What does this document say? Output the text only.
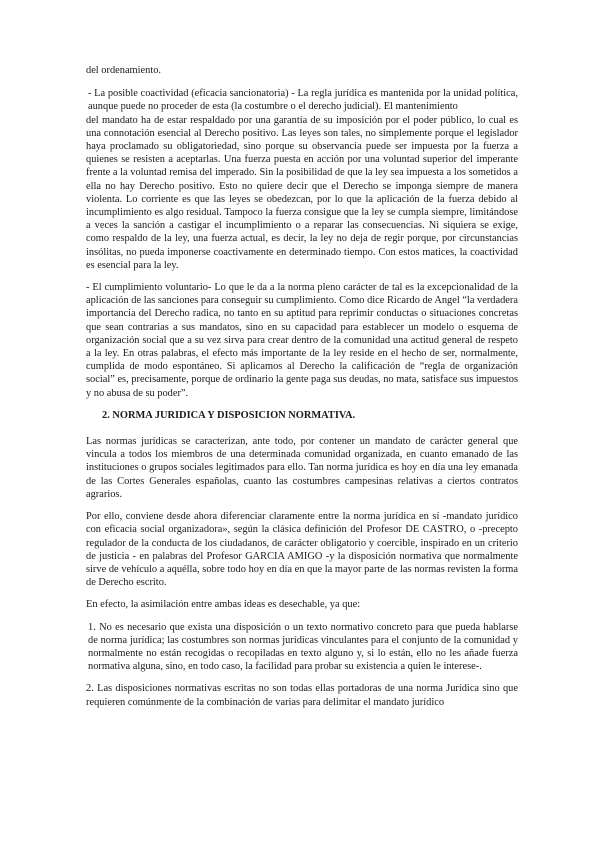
del ordenamiento.

- La posible coactividad (eficacia sancionatoria) - La regla jurídica es mantenida por la unidad política, aunque puede no proceder de esta (la costumbre o el derecho judicial). El mantenimiento

del mandato ha de estar respaldado por una garantía de su imposición por el poder público, lo cual es una connotación esencial al Derecho positivo. Las leyes son tales, no simplemente porque el legislador haya proclamado su obligatoriedad, sino porque su observancia puede ser impuesta por la fuerza a quienes se resisten a aceptarlas. Una fuerza puesta en acción por una voluntad superior del imperante frente a la voluntad remisa del imperado. Sin la posibilidad de que la ley sea impuesta a los sometidos a ella no hay Derecho positivo. Esto no quiere decir que el Derecho se imponga siempre de manera violenta. Lo corriente es que las leyes se obedezcan, por lo que la aplicación de la fuerza debido al incumplimiento es algo residual. Tampoco la fuerza consigue que la ley se cumpla siempre, limitándose a veces la sanción a castigar el incumplimiento o a reparar las consecuencias. Ni siquiera se exige, como respaldo de la ley, una fuerza actual, es decir, la ley no deja de regir porque, por circunstancias insólitas, no pueda imponerse coactivamente en determinado tiempo. Con estos matices, la coactividad es esencial para la ley.

- El cumplimiento voluntario- Lo que le da a la norma pleno carácter de tal es la excepcionalidad de la aplicación de las sanciones para conseguir su cumplimiento. Como dice Ricardo de Angel “la verdadera importancia del Derecho radica, no tanto en su aptitud para reprimir conductas o situaciones concretas que sean contrarias a sus mandatos, sino en su capacidad para establecer un modelo o esquema de organización social que a su vez sirva para crear dentro de la comunidad una actitud general de respeto a la ley. En otras palabras, el efecto más importante de la ley reside en el hecho de ser, normalmente, cumplida de modo espontáneo. Si aplicamos al Derecho la calificación de “regla de organización social” es, precisamente, porque de ordinario la gente paga sus deudas, no mata, satisface sus impuestos y no abusa de su poder”.

2. NORMA JURIDICA Y DISPOSICION NORMATIVA.

Las normas jurídicas se caracterizan, ante todo, por contener un mandato de carácter general que vincula a todos los miembros de una determinada comunidad organizada, en cuanto emanado de las instituciones o grupos sociales legitimados para ello. Tan norma jurídica es hoy en día una ley emanada de las Cortes Generales españolas, cuanto las costumbres campesinas relativas a ciertos contratos agrarios.

Por ello, conviene desde ahora diferenciar claramente entre la norma jurídica en sí -mandato jurídico con eficacia social organizadora», según la clásica definición del Profesor DE CASTRO, o -precepto regulador de la conducta de los ciudadanos, de carácter obligatorio y coercible, inspirado en un criterio de justicia - en palabras del Profesor GARCIA AMIGO -y la disposición normativa que normalmente sirve de vehículo a aquélla, sobre todo hoy en día en que la mayor parte de las normas revisten la forma de Derecho escrito.

En efecto, la asimilación entre ambas ideas es desechable, ya que:

1. No es necesario que exista una disposición o un texto normativo concreto para que pueda hablarse de norma jurídica; las costumbres son normas jurídicas vinculantes para el conjunto de la comunidad y normalmente no están recogidas o recopiladas en texto alguno y, si lo están, ello no les añade fuerza normativa alguna, sino, en todo caso, la facilidad para probar su existencia a quien le interese-.

2. Las disposiciones normativas escritas no son todas ellas portadoras de una norma Jurídica sino que requieren comúnmente de la combinación de varias para delimitar el mandato jurídico
